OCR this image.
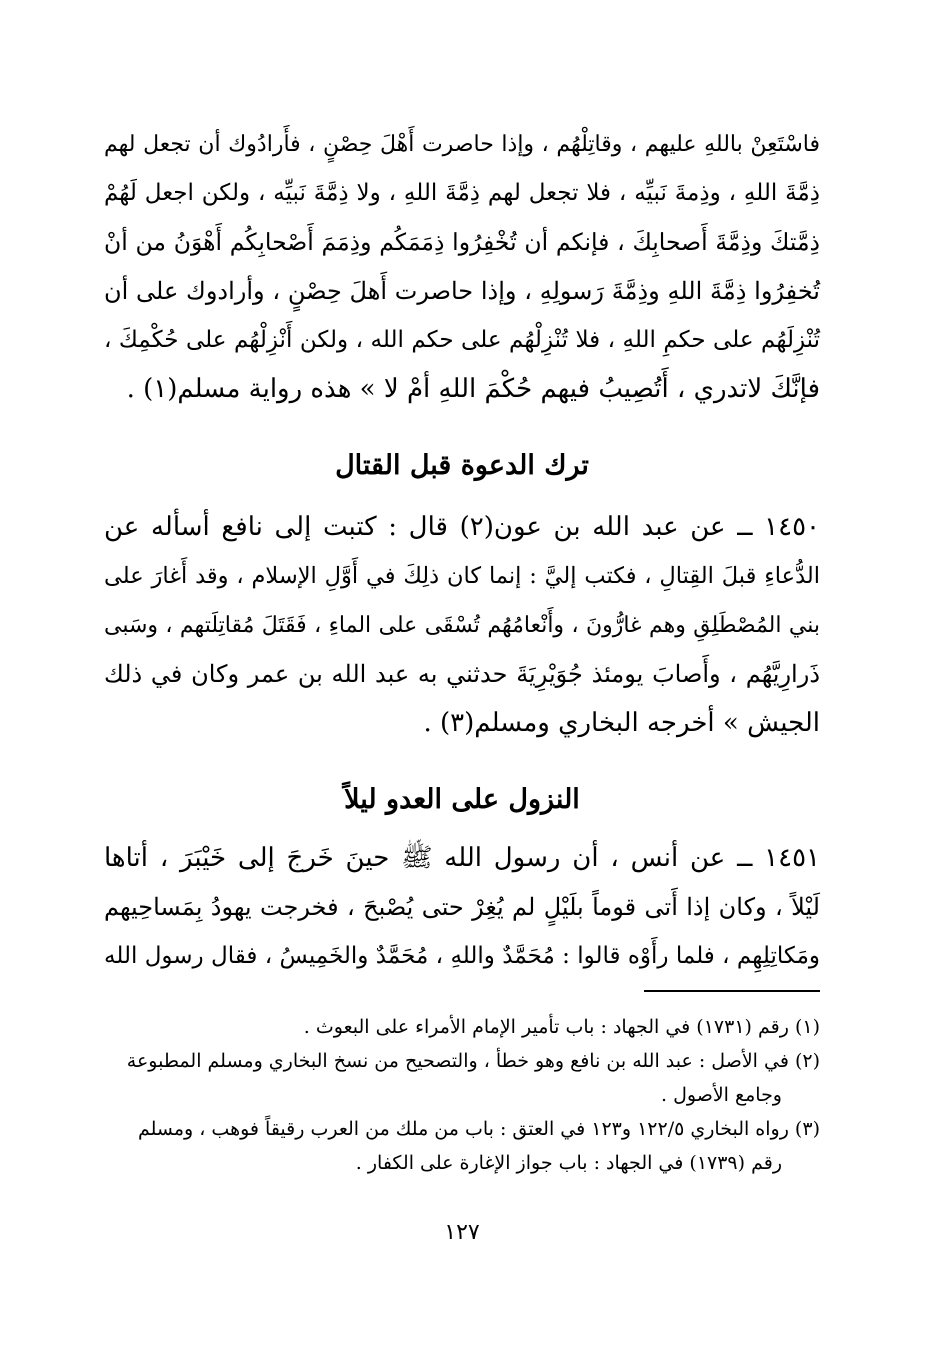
فاسْتَعِنْ باللهِ عليهم ، وقاتِلْهُم ، وإذا حاصرت أَهْلَ حِصْنٍ ، فأَرادُوك أن تجعل لهم
ذِمَّةَ اللهِ ، وذِمةَ نَبيِّه ، فلا تجعل لهم ذِمَّةَ اللهِ ، ولا ذِمَّةَ نَبيِّه ، ولكن اجعل لَهُمْ
ذِمَّتكَ وذِمَّةَ أَصحابِكَ ، فإنكم أن تُخْفِرُوا ذِمَمَكُم وذِمَمَ أَصْحابِكُم أَهْوَنُ من أنْ
تُخفِرُوا ذِمَّةَ اللهِ وذِمَّةَ رَسولِهِ ، وإذا حاصرت أَهلَ حِصْنٍ ، وأرادوك على أن
تُنْزِلَهُم على حكمِ اللهِ ، فلا تُنْزِلْهُم على حكم الله ، ولكن أَنْزِلْهُم على حُكْمِكَ ،
فإنَّكَ لاتدري ، أَتُصِيبُ فيهم حُكْمَ اللهِ أمْ لا » هذه رواية مسلم(١) .
ترك الدعوة قبل القتال
١٤٥٠ ــ عن عبد الله بن عون(٢) قال : كتبت إلى نافع أسأله عن
الدُّعاءِ قبلَ القِتالِ ، فكتب إليَّ : إنما كان ذلِكَ في أَوَّلِ الإسلام ، وقد أَغارَ على
بني المُصْطَلِقِ وهم غارُّونَ ، وأَنْعامُهُم تُسْقَى على الماءِ ، فَقَتَلَ مُقاتِلَتهم ، وسَبى
ذَرارِيَّهُم ، وأَصابَ يومئذ جُوَيْرِيَةَ حدثني به عبد الله بن عمر وكان في ذلك
الجيش » أخرجه البخاري ومسلم(٣) .
النزول على العدو ليلاً
١٤٥١ ــ عن أنس ، أن رسول الله ﷺ حينَ خَرجَ إلى خَيْبَرَ ، أتاها
لَيْلاً ، وكان إذا أَتى قوماً بلَيْلٍ لم يُغِرْ حتى يُصْبحَ ، فخرجت يهودُ بِمَساحِيهم
ومَكاتِلِهِم ، فلما رأَوْه قالوا : مُحَمَّدٌ واللهِ ، مُحَمَّدٌ والخَمِيسُ ، فقال رسول الله
(١) رقم (١٧٣١) في الجهاد : باب تأمير الإمام الأمراء على البعوث .
(٢) في الأصل : عبد الله بن نافع وهو خطأ ، والتصحيح من نسخ البخاري ومسلم المطبوعة
وجامع الأصول .
(٣) رواه البخاري ١٢٢/٥ و١٢٣ في العتق : باب من ملك من العرب رقيقاً فوهب ، ومسلم
رقم (١٧٣٩) في الجهاد : باب جواز الإغارة على الكفار .
١٢٧
